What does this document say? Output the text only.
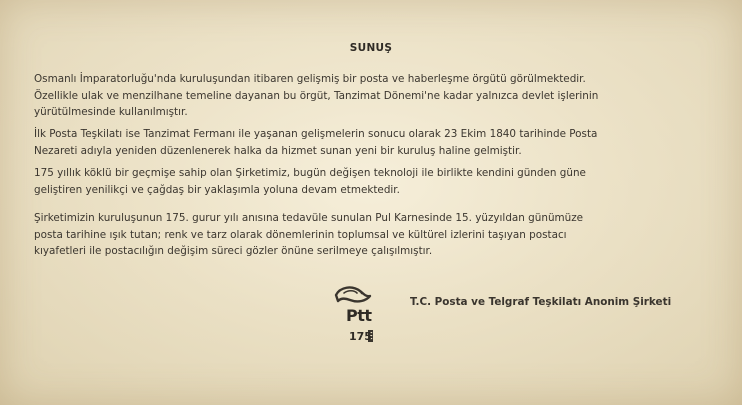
SUNUŞ
Osmanlı İmparatorluğu'nda kuruluşundan itibaren gelişmiş bir posta ve haberleşme örgütü görülmektedir.
Özellikle ulak ve menzilhane temeline dayanan bu örgüt, Tanzimat Dönemi'ne kadar yalnızca devlet işlerinin
yürütülmesinde kullanılmıştır.
İlk Posta Teşkilatı ise Tanzimat Fermanı ile yaşanan gelişmelerin sonucu olarak 23 Ekim 1840 tarihinde Posta
Nezareti adıyla yeniden düzenlenerek halka da hizmet sunan yeni bir kuruluş haline gelmiştir.
175 yıllık köklü bir geçmişe sahip olan Şirketimiz, bugün değişen teknoloji ile birlikte kendini günden güne
geliştiren yenilikçi ve çağdaş bir yaklaşımla yoluna devam etmektedir.
Şirketimizin kuruluşunun 175. gurur yılı anısına tedavüle sunulan Pul Karnesinde 15. yüzyıldan günümüze
posta tarihine ışık tutan; renk ve tarz olarak dönemlerinin toplumsal ve kültürel izlerini taşıyan postacı
kıyafetleri ile postacılığın değişim süreci gözler önüne serilmeye çalışılmıştır.
Ptt
175
T.C. Posta ve Telgraf Teşkilatı Anonim Şirketi
